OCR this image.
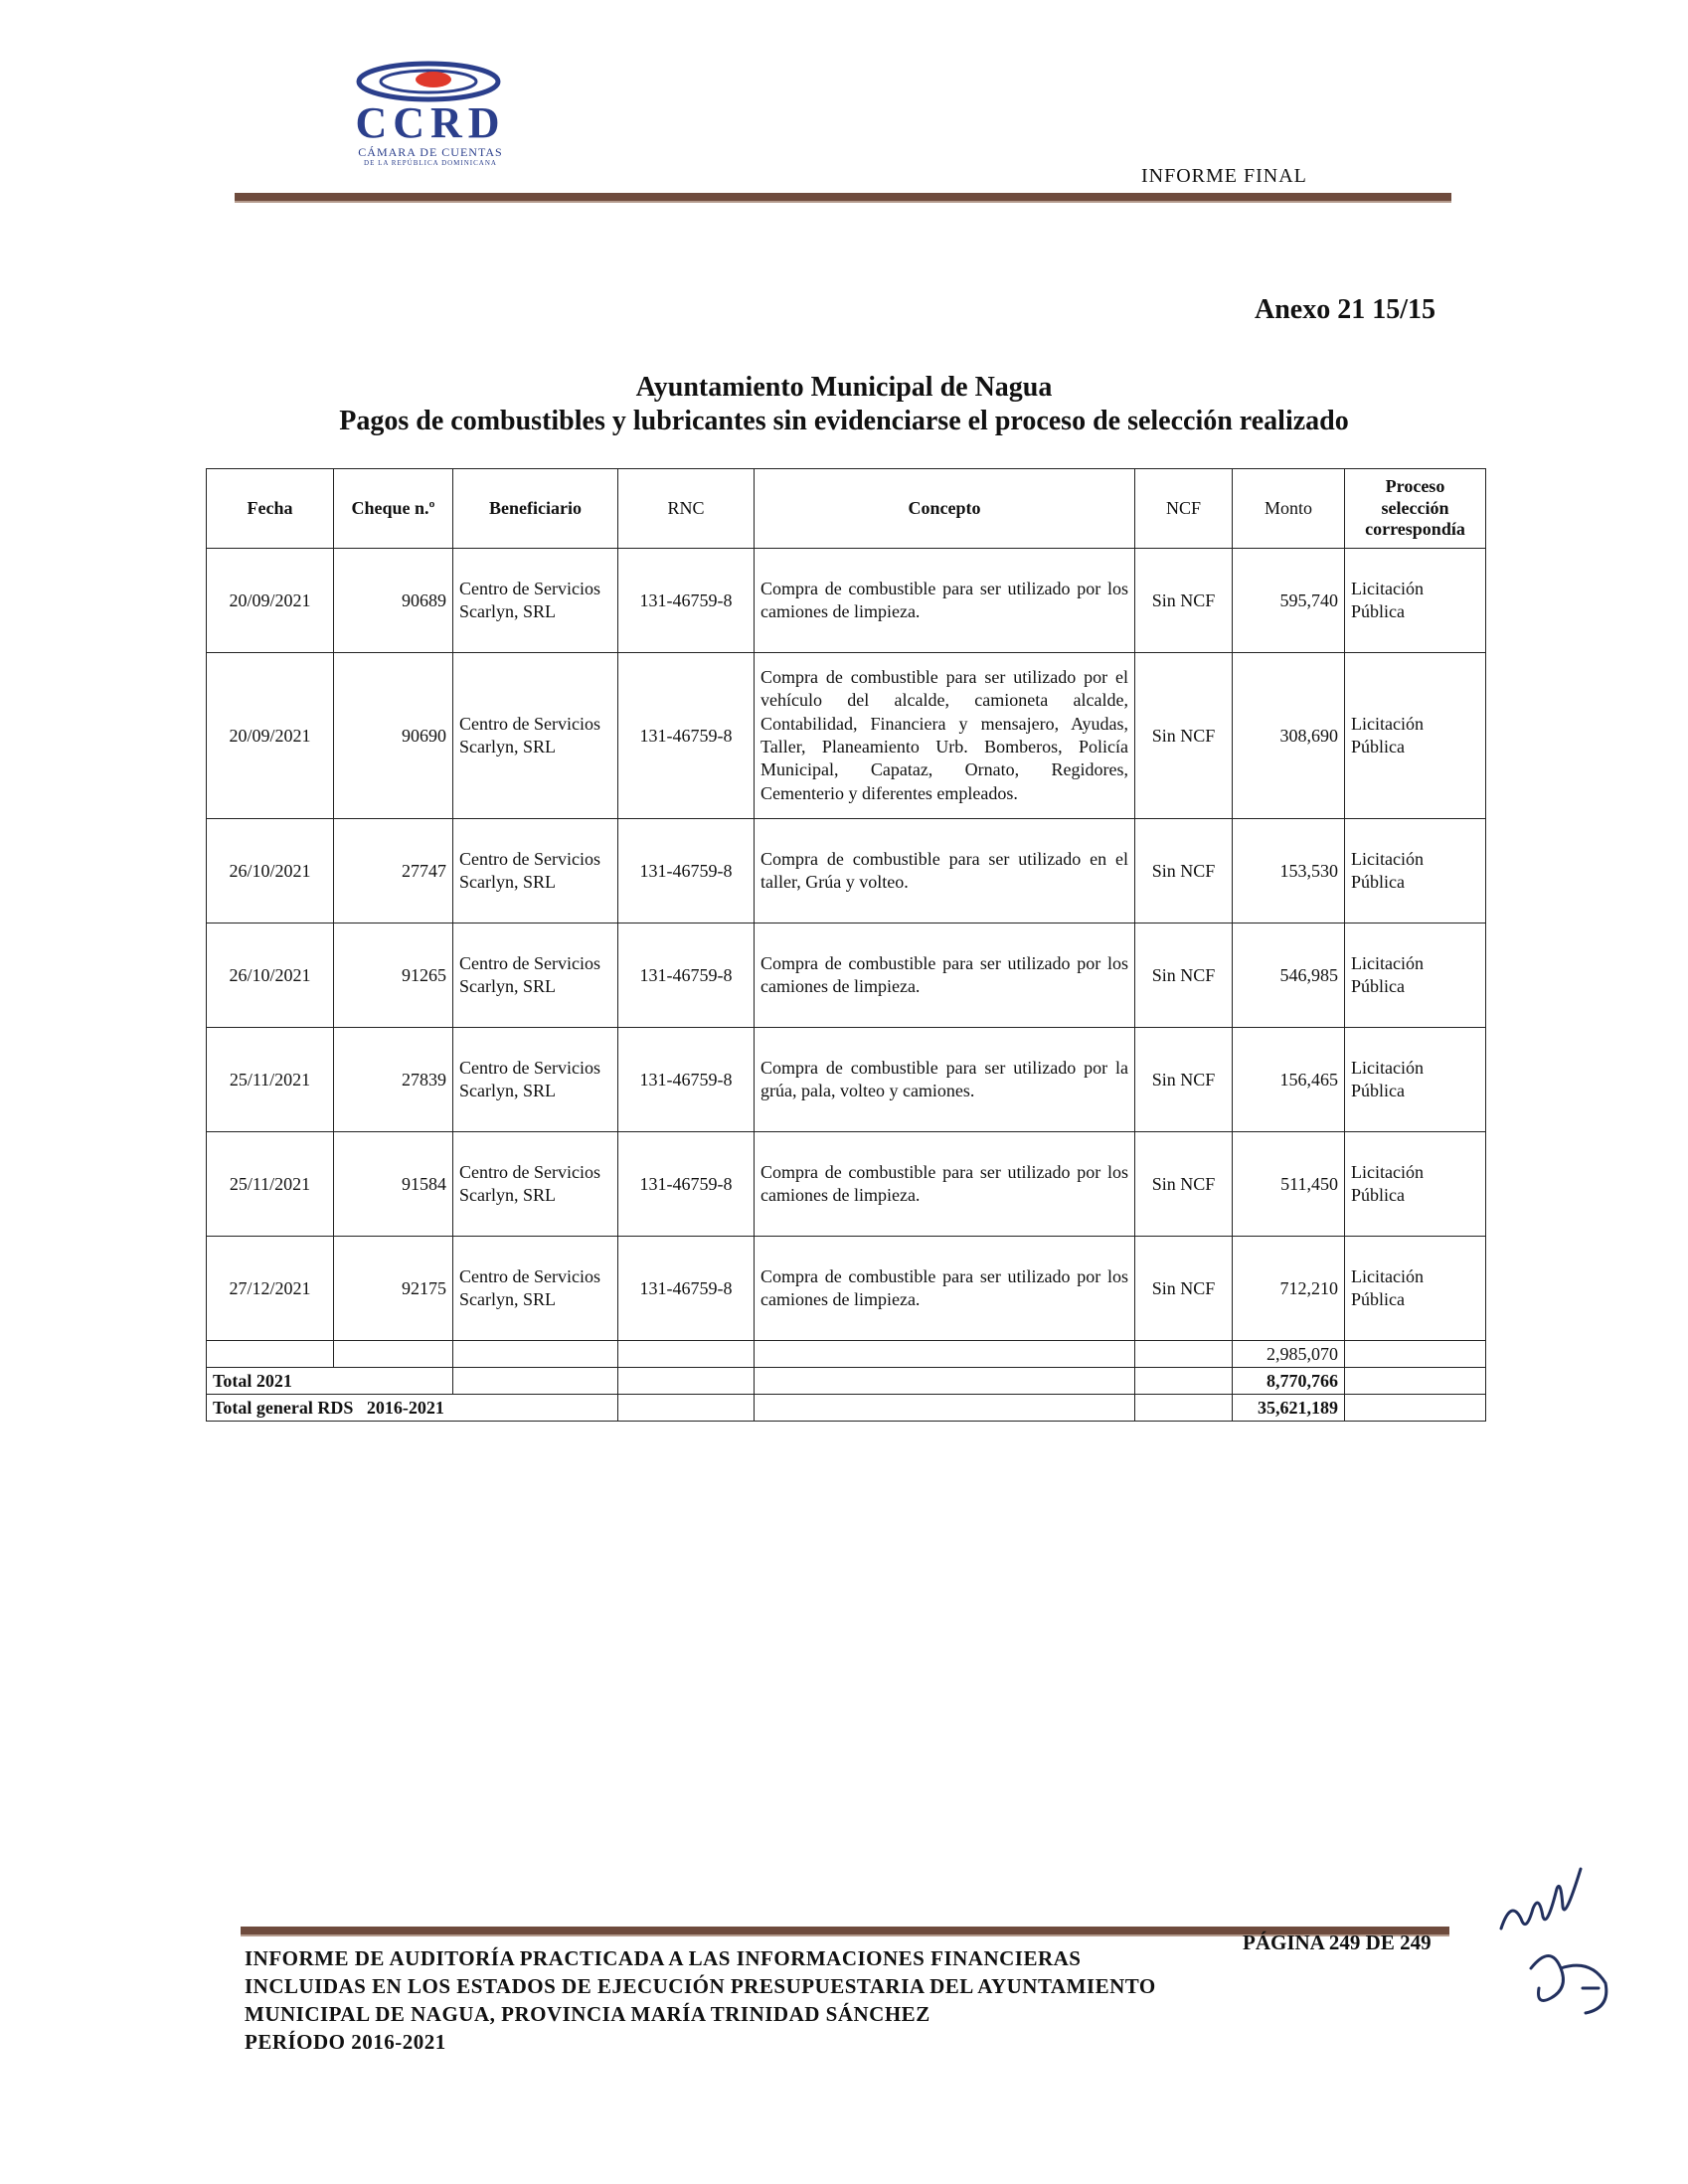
CCRD
CÁMARA DE CUENTAS
DE LA REPÚBLICA DOMINICANA
INFORME FINAL
Anexo 21 15/15
Ayuntamiento Municipal de Nagua
Pagos de combustibles y lubricantes sin evidenciarse el proceso de selección realizado
Fecha	Cheque n.º	Beneficiario	RNC	Concepto	NCF	Monto	Proceso selección correspondía
20/09/2021	90689	Centro de Servicios Scarlyn, SRL	131-46759-8	Compra de combustible para ser utilizado por los camiones de limpieza.	Sin NCF	595,740	Licitación Pública
20/09/2021	90690	Centro de Servicios Scarlyn, SRL	131-46759-8	Compra de combustible para ser utilizado por el vehículo del alcalde, camioneta alcalde, Contabilidad, Financiera y mensajero, Ayudas, Taller, Planeamiento Urb. Bomberos, Policía Municipal, Capataz, Ornato, Regidores, Cementerio y diferentes empleados.	Sin NCF	308,690	Licitación Pública
26/10/2021	27747	Centro de Servicios Scarlyn, SRL	131-46759-8	Compra de combustible para ser utilizado en el taller, Grúa y volteo.	Sin NCF	153,530	Licitación Pública
26/10/2021	91265	Centro de Servicios Scarlyn, SRL	131-46759-8	Compra de combustible para ser utilizado por los camiones de limpieza.	Sin NCF	546,985	Licitación Pública
25/11/2021	27839	Centro de Servicios Scarlyn, SRL	131-46759-8	Compra de combustible para ser utilizado por la grúa, pala, volteo y camiones.	Sin NCF	156,465	Licitación Pública
25/11/2021	91584	Centro de Servicios Scarlyn, SRL	131-46759-8	Compra de combustible para ser utilizado por los camiones de limpieza.	Sin NCF	511,450	Licitación Pública
27/12/2021	92175	Centro de Servicios Scarlyn, SRL	131-46759-8	Compra de combustible para ser utilizado por los camiones de limpieza.	Sin NCF	712,210	Licitación Pública
						2,985,070	
Total 2021						8,770,766	
Total general RDS   2016-2021						35,621,189	
INFORME DE AUDITORÍA PRACTICADA A LAS INFORMACIONES FINANCIERAS
INCLUIDAS EN LOS ESTADOS DE EJECUCIÓN PRESUPUESTARIA DEL AYUNTAMIENTO
MUNICIPAL DE NAGUA, PROVINCIA MARÍA TRINIDAD SÁNCHEZ
PERÍODO 2016-2021
PÁGINA 249 DE 249
